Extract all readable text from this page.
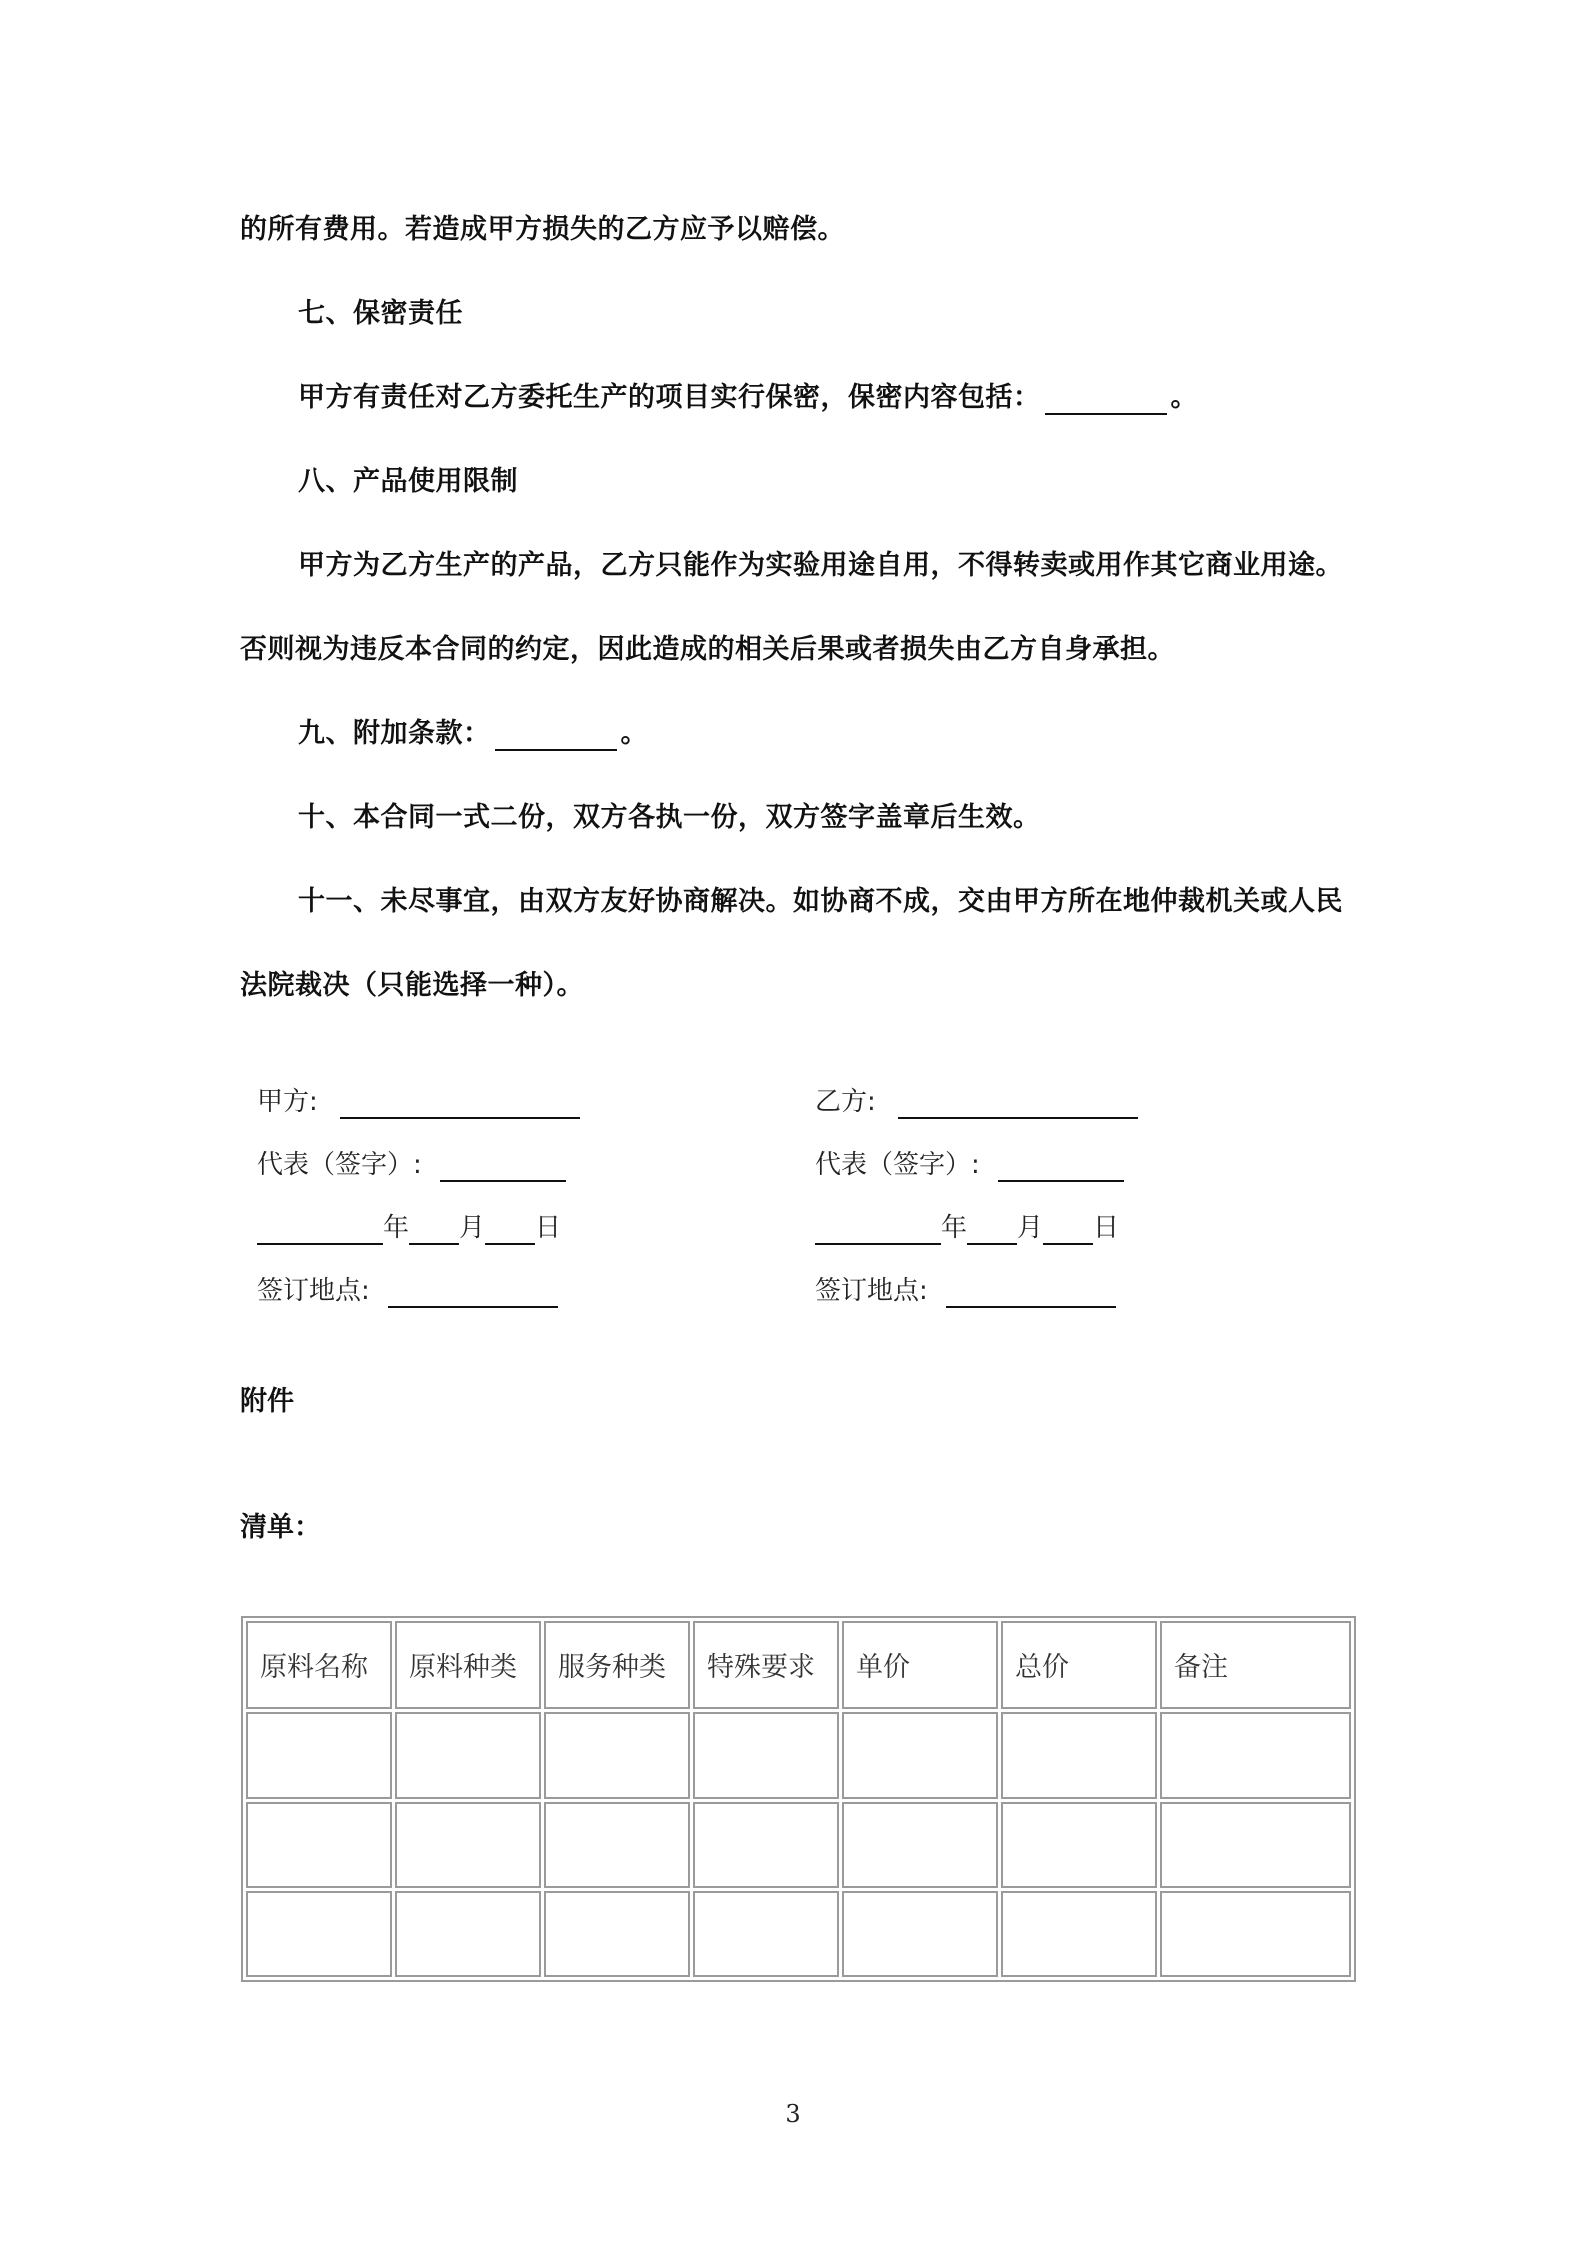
的所有费用。若造成甲方损失的乙方应予以赔偿。
七、保密责任
甲方有责任对乙方委托生产的项目实行保密，保密内容包括：	。
八、产品使用限制
甲方为乙方生产的产品，乙方只能作为实验用途自用，不得转卖或用作其它商业用途。
否则视为违反本合同的约定，因此造成的相关后果或者损失由乙方自身承担。
九、附加条款：	。
十、本合同一式二份，双方各执一份，双方签字盖章后生效。
十一、未尽事宜，由双方友好协商解决。如协商不成，交由甲方所在地仲裁机关或人民
法院裁决（只能选择一种）。
甲方:
代表（签字）:
年 月 日
签订地点:
乙方:
代表（签字）:
年 月 日
签订地点:
附件
清单：
原料名称	原料种类	服务种类	特殊要求	单价	总价	备注

3
